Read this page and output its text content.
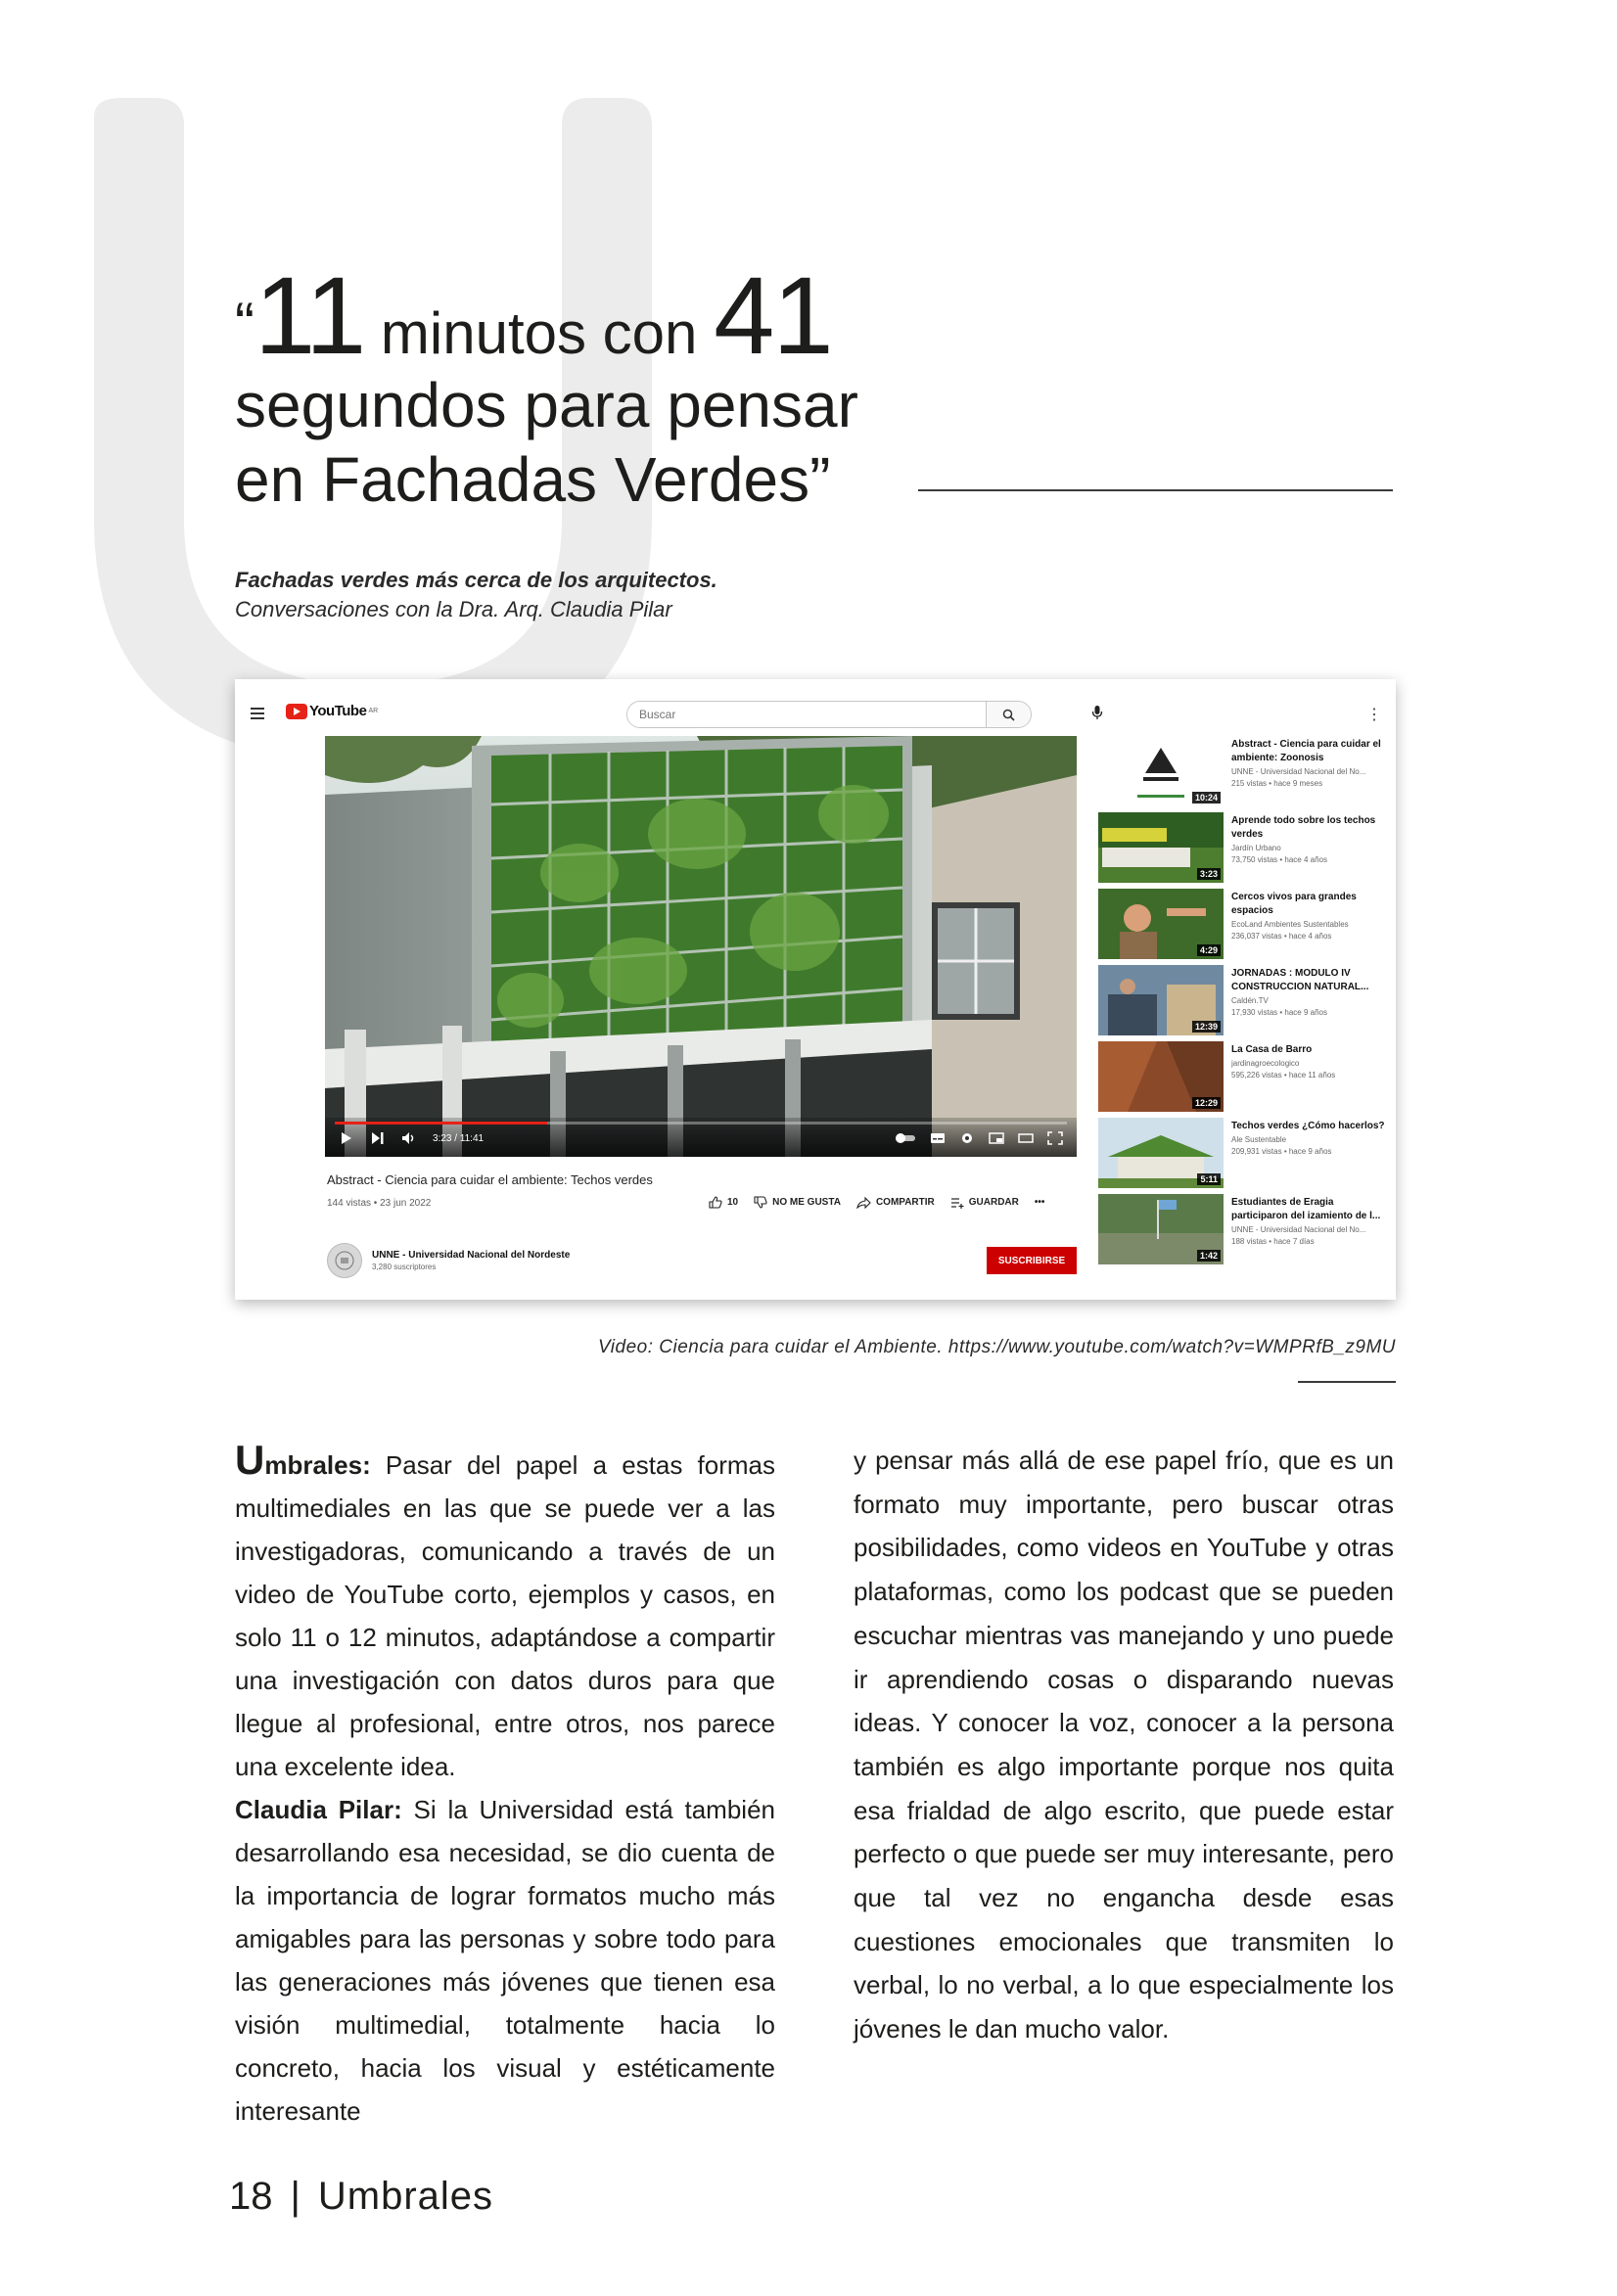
“11 minutos con 41
segundos para pensar
en Fachadas Verdes”
Fachadas verdes más cerca de los arquitectos.
Conversaciones con la Dra. Arq. Claudia Pilar
YouTube AR
Buscar	⋮
3:23 / 11:41
Abstract - Ciencia para cuidar el ambiente: Techos verdes
144 vistas • 23 jun 2022	10	NO ME GUSTA	COMPARTIR	GUARDAR •••
UNNE - Universidad Nacional del Nordeste
3,280 suscriptores
SUSCRIBIRSE
10:24
Abstract - Ciencia para cuidar el ambiente: Zoonosis
UNNE - Universidad Nacional del No...
215 vistas • hace 9 meses
3:23
Aprende todo sobre los techos verdes
Jardín Urbano
73,750 vistas • hace 4 años
4:29
Cercos vivos para grandes espacios
EcoLand Ambientes Sustentables
236,037 vistas • hace 4 años
12:39
JORNADAS : MODULO IV CONSTRUCCION NATURAL...
Caldén.TV
17,930 vistas • hace 9 años
12:29
La Casa de Barro
jardinagroecologico
595,226 vistas • hace 11 años
5:11
Techos verdes ¿Cómo hacerlos?
Ale Sustentable
209,931 vistas • hace 9 años
1:42
Estudiantes de Eragia participaron del izamiento de l...
UNNE - Universidad Nacional del No...
188 vistas • hace 7 días
Video: Ciencia para cuidar el Ambiente. https://www.youtube.com/watch?v=WMPRfB_z9MU
Umbrales: Pasar del papel a estas formas multimediales en las que se puede ver a las investigadoras, comunicando a través de un video de YouTube corto, ejemplos y casos, en solo 11 o 12 minutos, adaptándose a compartir una investigación con datos duros para que llegue al profesional, entre otros, nos parece una excelente idea.
Claudia Pilar: Si la Universidad está también desarrollando esa necesidad, se dio cuenta de la importancia de lograr formatos mucho más amigables para las personas y sobre todo para las generaciones más jóvenes que tienen esa visión multimedial, totalmente hacia lo concreto, hacia los visual y estéticamente interesante
y pensar más allá de ese papel frío, que es un formato muy importante, pero buscar otras posibilidades, como videos en YouTube y otras plataformas, como los podcast que se pueden escuchar mientras vas manejando y uno puede ir aprendiendo cosas o disparando nuevas ideas. Y conocer la voz, conocer a la persona también es algo importante porque nos quita esa frialdad de algo escrito, que puede estar perfecto o que puede ser muy interesante, pero que tal vez no engancha desde esas cuestiones emocionales que transmiten lo verbal, lo no verbal, a lo que especialmente los jóvenes le dan mucho valor.
18 | Umbrales
